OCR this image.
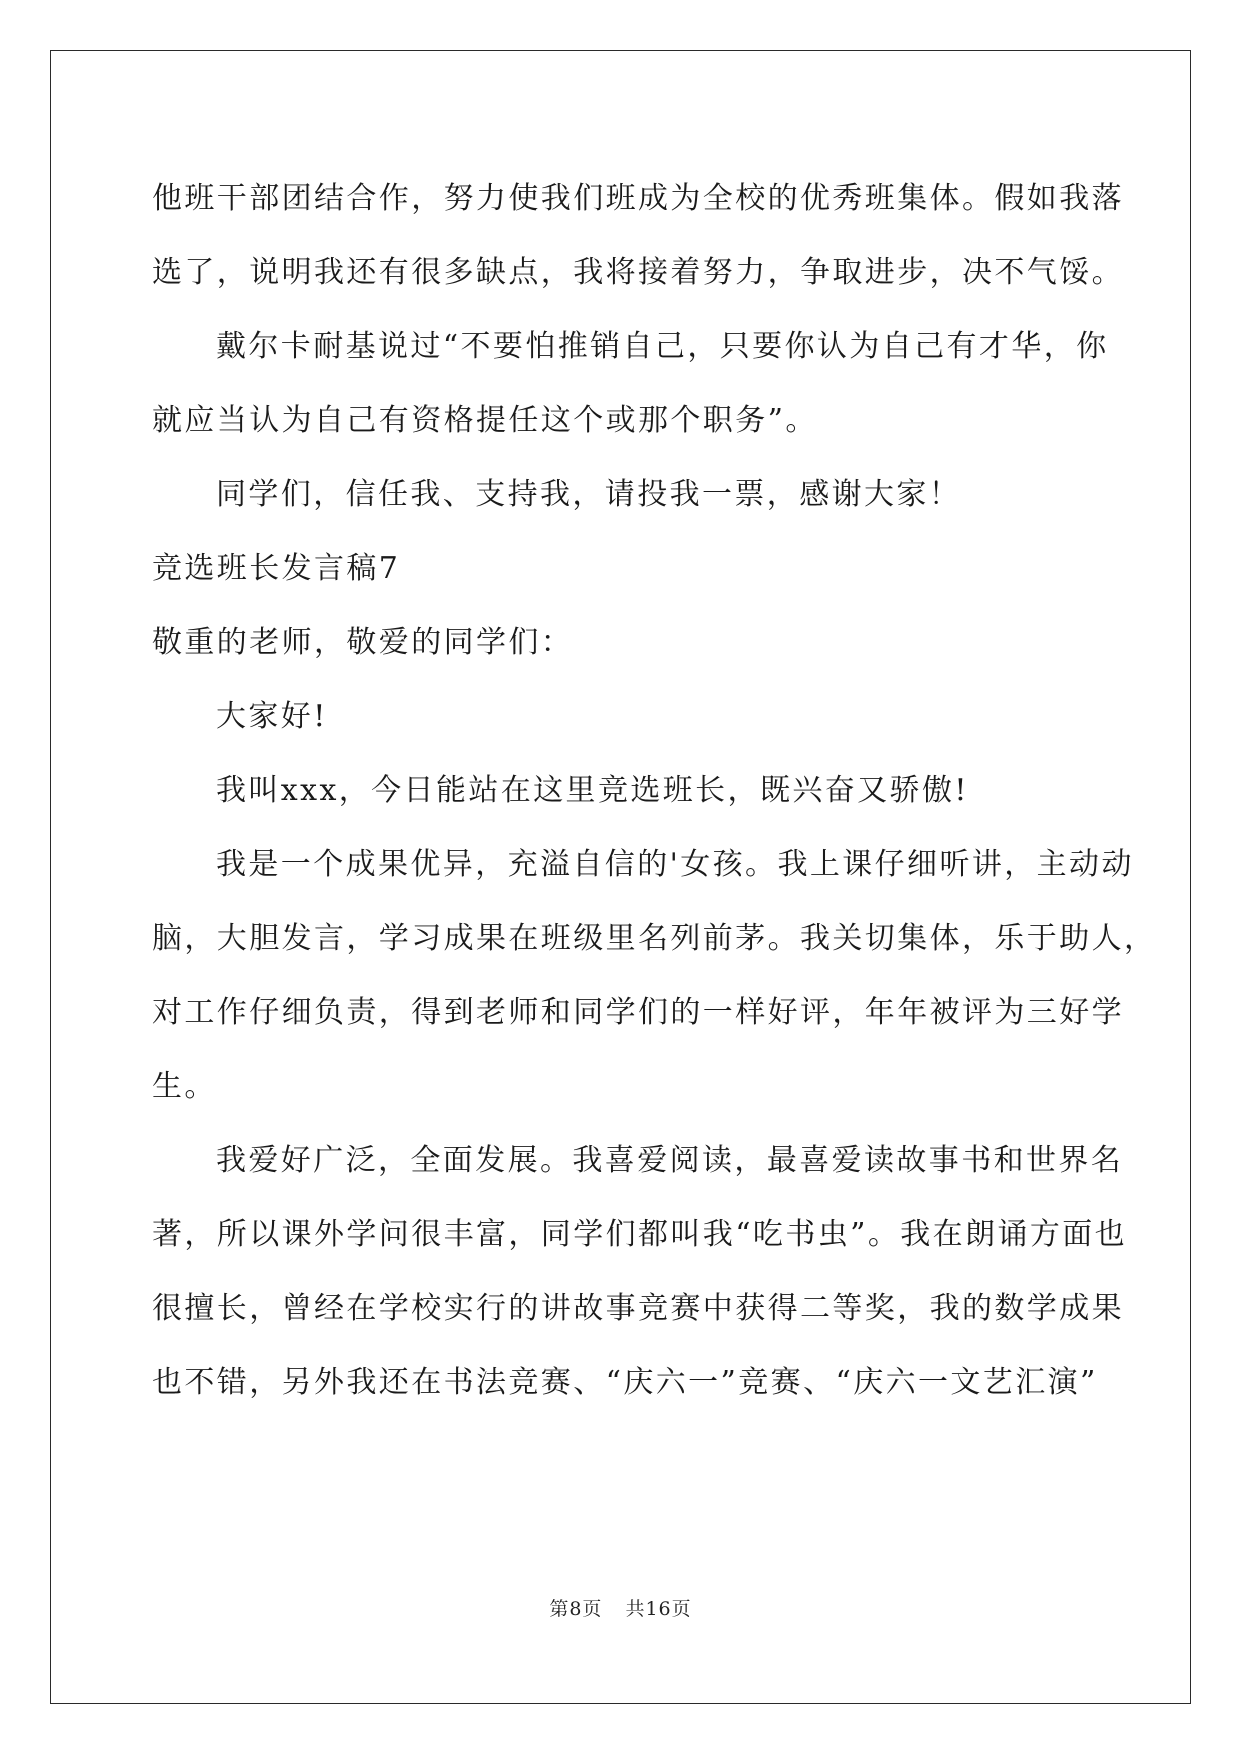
他班干部团结合作，努力使我们班成为全校的优秀班集体。假如我落
选了，说明我还有很多缺点，我将接着努力，争取进步，决不气馁。
戴尔卡耐基说过“不要怕推销自己，只要你认为自己有才华，你
就应当认为自己有资格提任这个或那个职务”。
同学们，信任我、支持我，请投我一票，感谢大家！
竞选班长发言稿7
敬重的老师，敬爱的同学们：
大家好!
我叫xxx，今日能站在这里竞选班长，既兴奋又骄傲!
我是一个成果优异，充溢自信的'女孩。我上课仔细听讲，主动动
脑，大胆发言，学习成果在班级里名列前茅。我关切集体，乐于助人，
对工作仔细负责，得到老师和同学们的一样好评，年年被评为三好学
生。
我爱好广泛，全面发展。我喜爱阅读，最喜爱读故事书和世界名
著，所以课外学问很丰富，同学们都叫我“吃书虫”。我在朗诵方面也
很擅长，曾经在学校实行的讲故事竞赛中获得二等奖，我的数学成果
也不错，另外我还在书法竞赛、“庆六一”竞赛、“庆六一文艺汇演”
第8页 共16页
